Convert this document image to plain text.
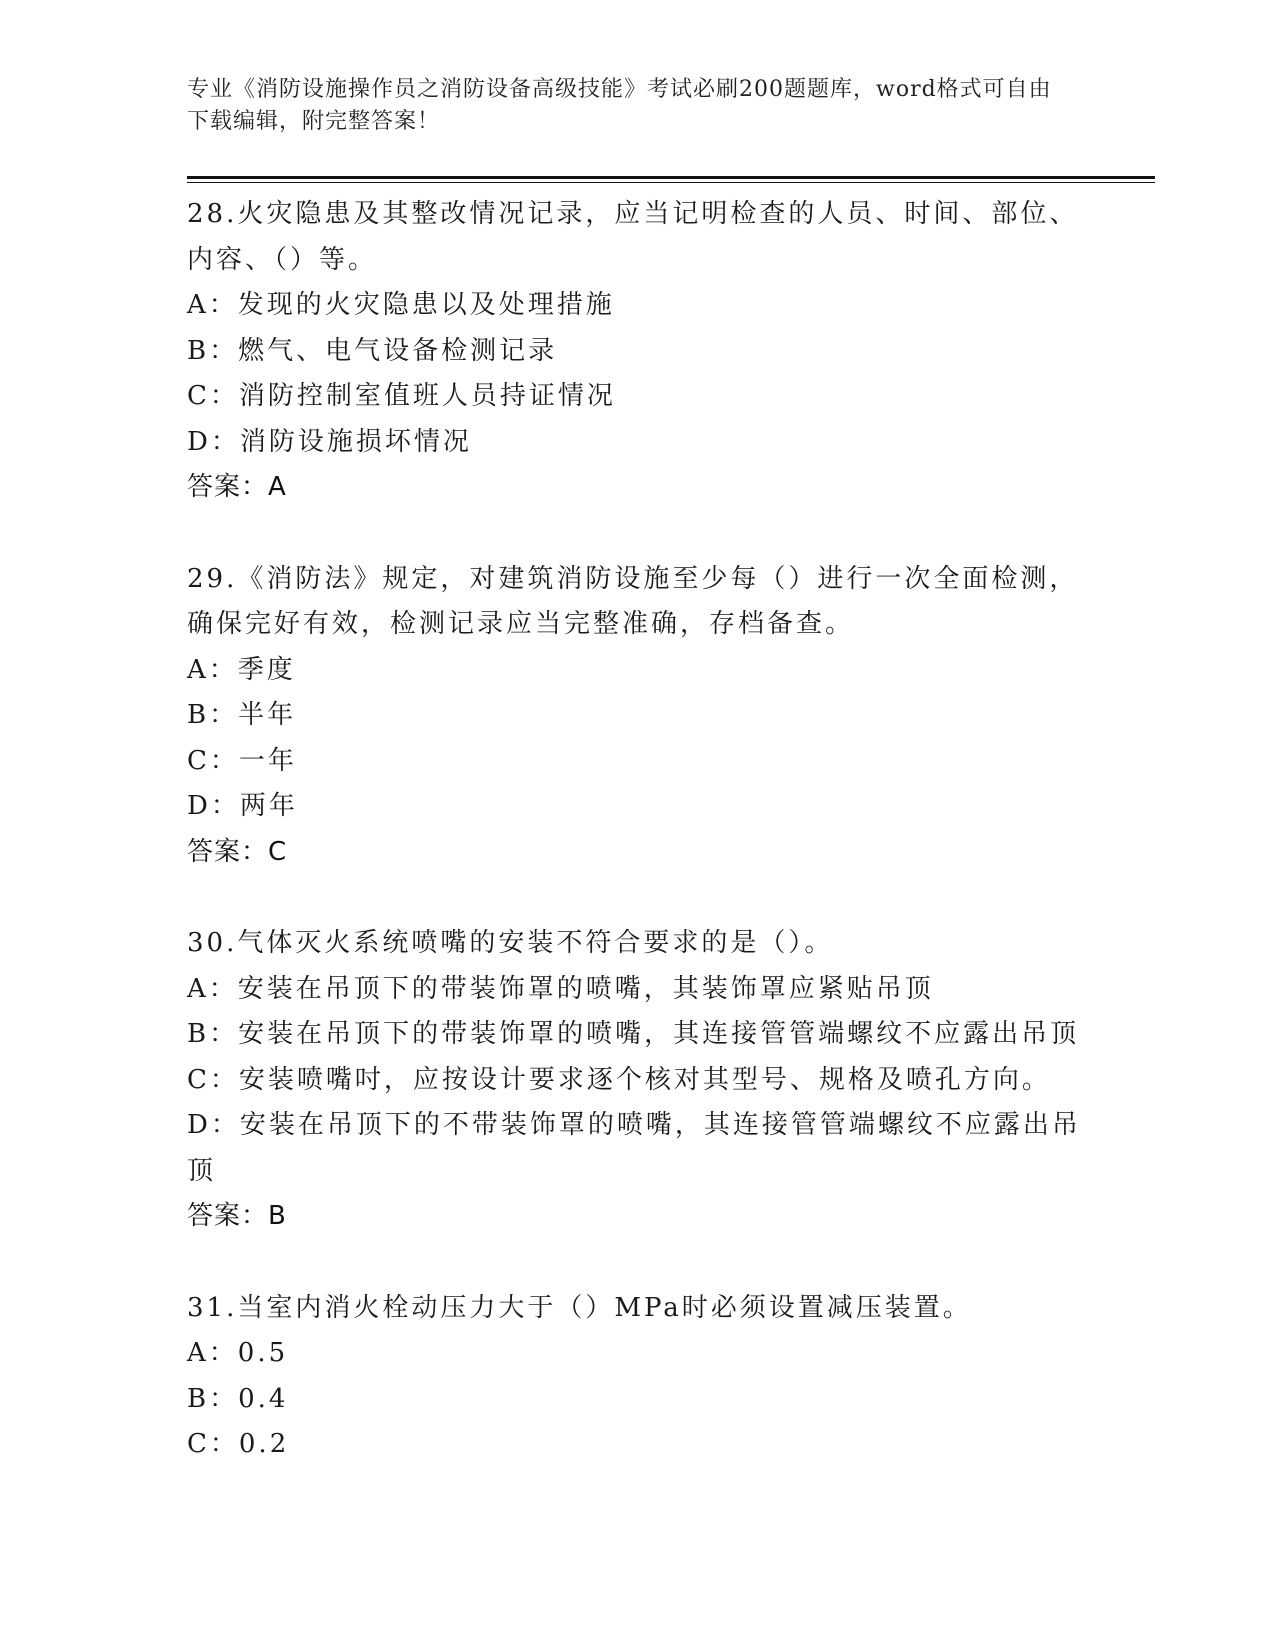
专业《消防设施操作员之消防设备高级技能》考试必刷200题题库，word格式可自由下载编辑，附完整答案！
28.火灾隐患及其整改情况记录，应当记明检查的人员、时间、部位、内容、（）等。
A：发现的火灾隐患以及处理措施
B：燃气、电气设备检测记录
C：消防控制室值班人员持证情况
D：消防设施损坏情况
答案：A
29.《消防法》规定，对建筑消防设施至少每（）进行一次全面检测，确保完好有效，检测记录应当完整准确，存档备查。
A：季度
B：半年
C：一年
D：两年
答案：C
30.气体灭火系统喷嘴的安装不符合要求的是（）。
A：安装在吊顶下的带装饰罩的喷嘴，其装饰罩应紧贴吊顶
B：安装在吊顶下的带装饰罩的喷嘴，其连接管管端螺纹不应露出吊顶
C：安装喷嘴吋，应按设计要求逐个核对其型号、规格及喷孔方向。
D：安装在吊顶下的不带装饰罩的喷嘴，其连接管管端螺纹不应露出吊顶
答案：B
31.当室内消火栓动压力大于（）MPa时必须设置减压装置。
A：0.5
B：0.4
C：0.2
